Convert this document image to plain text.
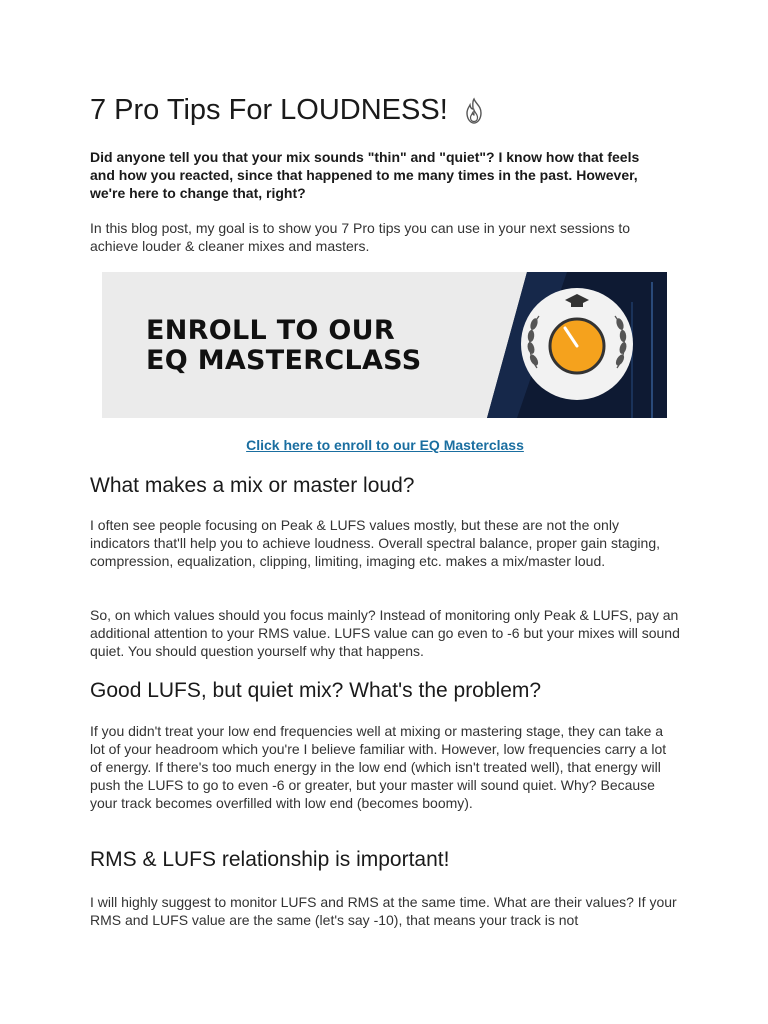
7 Pro Tips For LOUDNESS!

Did anyone tell you that your mix sounds "thin" and "quiet"? I know how that feels and how you reacted, since that happened to me many times in the past. However, we're here to change that, right?

In this blog post, my goal is to show you 7 Pro tips you can use in your next sessions to achieve louder & cleaner mixes and masters.

ENROLL TO OUR
EQ MASTERCLASS
Click here to enroll to our EQ Masterclass
What makes a mix or master loud?

I often see people focusing on Peak & LUFS values mostly, but these are not the only indicators that'll help you to achieve loudness. Overall spectral balance, proper gain staging, compression, equalization, clipping, limiting, imaging etc. makes a mix/master loud.

So, on which values should you focus mainly? Instead of monitoring only Peak & LUFS, pay an additional attention to your RMS value. LUFS value can go even to -6 but your mixes will sound quiet. You should question yourself why that happens.

Good LUFS, but quiet mix? What's the problem?

If you didn't treat your low end frequencies well at mixing or mastering stage, they can take a lot of your headroom which you're I believe familiar with. However, low frequencies carry a lot of energy. If there's too much energy in the low end (which isn't treated well), that energy will push the LUFS to go to even -6 or greater, but your master will sound quiet. Why? Because your track becomes overfilled with low end (becomes boomy).

RMS & LUFS relationship is important!

I will highly suggest to monitor LUFS and RMS at the same time. What are their values? If your RMS and LUFS value are the same (let's say -10), that means your track is not
